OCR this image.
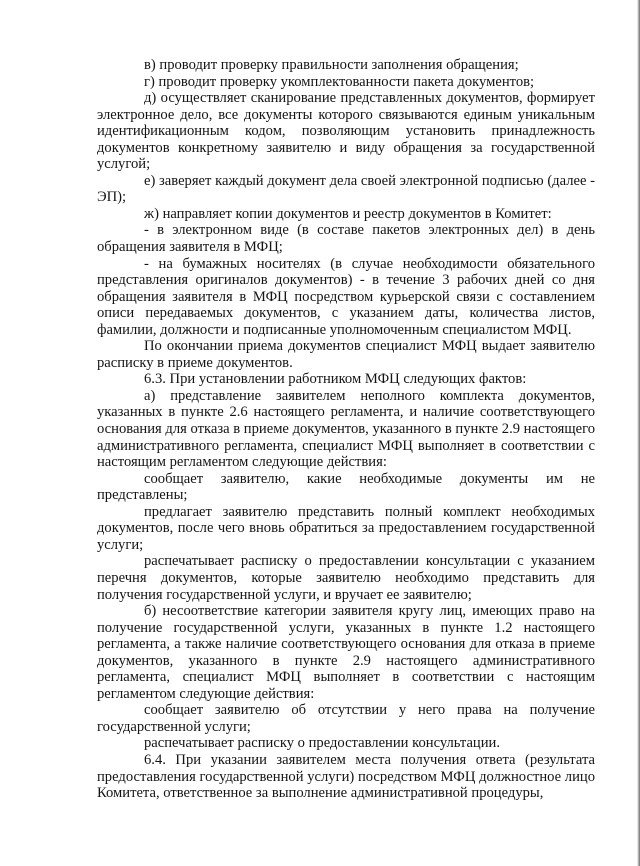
в) проводит проверку правильности заполнения обращения;

г) проводит проверку укомплектованности пакета документов;

д) осуществляет сканирование представленных документов, формирует электронное дело, все документы которого связываются единым уникальным идентификационным кодом, позволяющим установить принадлежность документов конкретному заявителю и виду обращения за государственной услугой;

е) заверяет каждый документ дела своей электронной подписью (далее - ЭП);

ж) направляет копии документов и реестр документов в Комитет:

- в электронном виде (в составе пакетов электронных дел) в день обращения заявителя в МФЦ;

- на бумажных носителях (в случае необходимости обязательного представления оригиналов документов) - в течение 3 рабочих дней со дня обращения заявителя в МФЦ посредством курьерской связи с составлением описи передаваемых документов, с указанием даты, количества листов, фамилии, должности и подписанные уполномоченным специалистом МФЦ.

По окончании приема документов специалист МФЦ выдает заявителю расписку в приеме документов.

6.3. При установлении работником МФЦ следующих фактов:

а) представление заявителем неполного комплекта документов, указанных в пункте 2.6 настоящего регламента, и наличие соответствующего основания для отказа в приеме документов, указанного в пункте 2.9 настоящего административного регламента, специалист МФЦ выполняет в соответствии с настоящим регламентом следующие действия:

сообщает заявителю, какие необходимые документы им не представлены;

предлагает заявителю представить полный комплект необходимых документов, после чего вновь обратиться за предоставлением государственной услуги;

распечатывает расписку о предоставлении консультации с указанием перечня документов, которые заявителю необходимо представить для получения государственной услуги, и вручает ее заявителю;

б) несоответствие категории заявителя кругу лиц, имеющих право на получение государственной услуги, указанных в пункте 1.2 настоящего регламента, а также наличие соответствующего основания для отказа в приеме документов, указанного в пункте 2.9 настоящего административного регламента, специалист МФЦ выполняет в соответствии с настоящим регламентом следующие действия:

сообщает заявителю об отсутствии у него права на получение государственной услуги;

распечатывает расписку о предоставлении консультации.

6.4. При указании заявителем места получения ответа (результата предоставления государственной услуги) посредством МФЦ должностное лицо Комитета, ответственное за выполнение административной процедуры,
